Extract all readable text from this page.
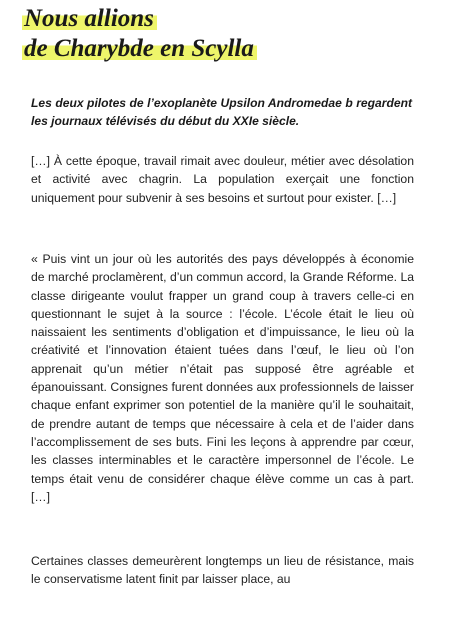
Nous allions
de Charybde en Scylla

Les deux pilotes de l’exoplanète Upsilon Andromedae b regardent les journaux télévisés du début du XXIe siècle.

[…] À cette époque, travail rimait avec douleur, métier avec désolation et activité avec chagrin. La population exerçait une fonction uniquement pour subvenir à ses besoins et surtout pour exister. […]

« Puis vint un jour où les autorités des pays développés à économie de marché proclamèrent, d’un commun accord, la Grande Réforme. La classe dirigeante voulut frapper un grand coup à travers celle-ci en questionnant le sujet à la source : l’école. L’école était le lieu où naissaient les sentiments d’obligation et d’impuissance, le lieu où la créativité et l’innovation étaient tuées dans l’œuf, le lieu où l’on apprenait qu’un métier n’était pas supposé être agréable et épanouissant. Consignes furent données aux professionnels de laisser chaque enfant exprimer son potentiel de la manière qu’il le souhaitait, de prendre autant de temps que nécessaire à cela et de l’aider dans l’accomplissement de ses buts. Fini les leçons à apprendre par cœur, les classes interminables et le caractère impersonnel de l’école. Le temps était venu de considérer chaque élève comme un cas à part. […]

Certaines classes demeurèrent longtemps un lieu de résistance, mais le conservatisme latent finit par laisser place, au
